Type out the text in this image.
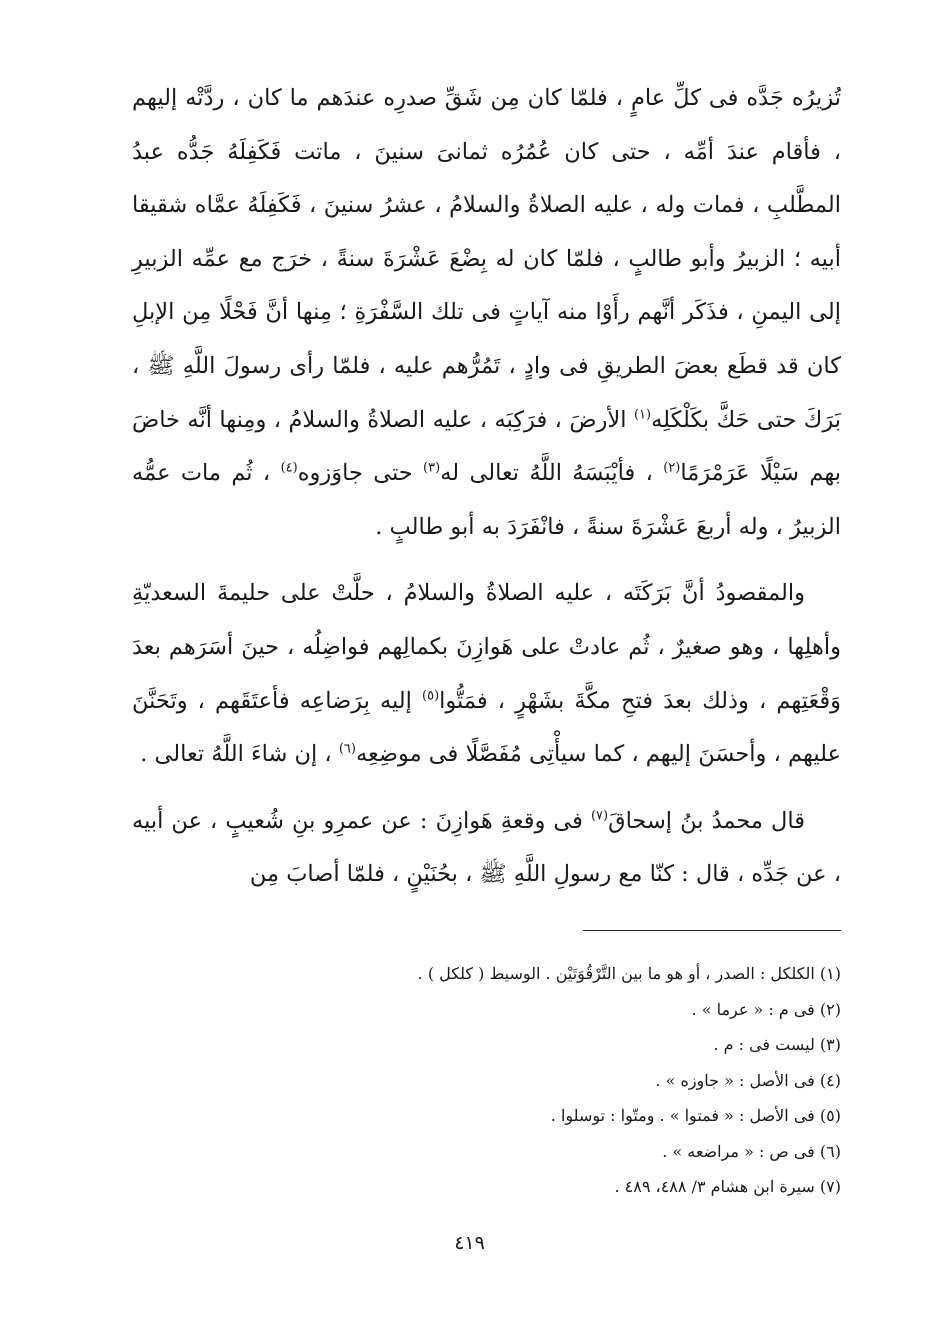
تُزيرُه جَدَّه فى كلِّ عامٍ ، فلمّا كان مِن شَقِّ صدرِه عندَهم ما كان ، ردَّتْه إليهم ، فأقام عندَ أمِّه ، حتى كان عُمُرُه ثمانىَ سنينَ ، ماتت فَكَفِلَهُ جَدُّه عبدُ المطَّلبِ ، فمات وله ، عليه الصلاةُ والسلامُ ، عشرُ سنينَ ، فَكَفِلَهُ عمَّاه شقيقا أبيه ؛ الزبيرُ وأبو طالبٍ ، فلمّا كان له بِضْعَ عَشْرَةَ سنةً ، خرَج مع عمِّه الزبيرِ إلى اليمنِ ، فذَكَر أنَّهم رأَوْا منه آياتٍ فى تلك السَّفْرَةِ ؛ مِنها أنَّ فَحْلًا مِن الإبلِ كان قد قطَع بعضَ الطريقِ فى وادٍ ، تَمُرُّهم عليه ، فلمّا رأى رسولَ اللَّهِ ﷺ ، بَرَكَ حتى حَكَّ بكَلْكَلِه$^{(١)}$ الأرضَ ، فرَكِبَه ، عليه الصلاةُ والسلامُ ، ومِنها أنَّه خاضَ بهم سَيْلًا عَرَمْرَمًا$^{(٢)}$ ، فأيْبَسَهُ اللَّهُ تعالى له$^{(٣)}$ حتى جاوَزوه$^{(٤)}$ ، ثُم مات عمُّه الزبيرُ ، وله أربعَ عَشْرَةَ سنةً ، فانْفَرَدَ به أبو طالبٍ .

والمقصودُ أنَّ بَرَكَتَه ، عليه الصلاةُ والسلامُ ، حلَّتْ على حليمةَ السعديّةِ وأهلِها ، وهو صغيرٌ ، ثُم عادتْ على هَوازِنَ بكمالِهم فواضِلُه ، حينَ أسَرَهم بعدَ وَقْعَتِهم ، وذلك بعدَ فتحِ مكَّةَ بشَهْرٍ ، فمَتُّوا$^{(٥)}$ إليه بِرَضاعِه فأعتَقَهم ، وتَحَنَّنَ عليهم ، وأحسَنَ إليهم ، كما سيأْتِى مُفَصَّلًا فى موضِعِه$^{(٦)}$ ، إن شاءَ اللَّهُ تعالى .

قال محمدُ بنُ إسحاقَ$^{(٧)}$ فى وقعةِ هَوازِنَ : عن عمرِو بنِ شُعيبٍ ، عن أبيه ، عن جَدِّه ، قال : كنّا مع رسولِ اللَّهِ ﷺ ، بحُنَيْنٍ ، فلمّا أصابَ مِن

(١) الكلكل : الصدر ، أو هو ما بين التَّرْقُوَتَيْن . الوسيط ( كلكل ) .
(٢) فى م : « عرما » .
(٣) ليست فى : م .
(٤) فى الأصل : « جاوزه » .
(٥) فى الأصل : « فمتوا » . ومتّوا : توسلوا .
(٦) فى ص : « مراضعه » .
(٧) سيرة ابن هشام ٣/ ٤٨٨، ٤٨٩ .
٤١٩
